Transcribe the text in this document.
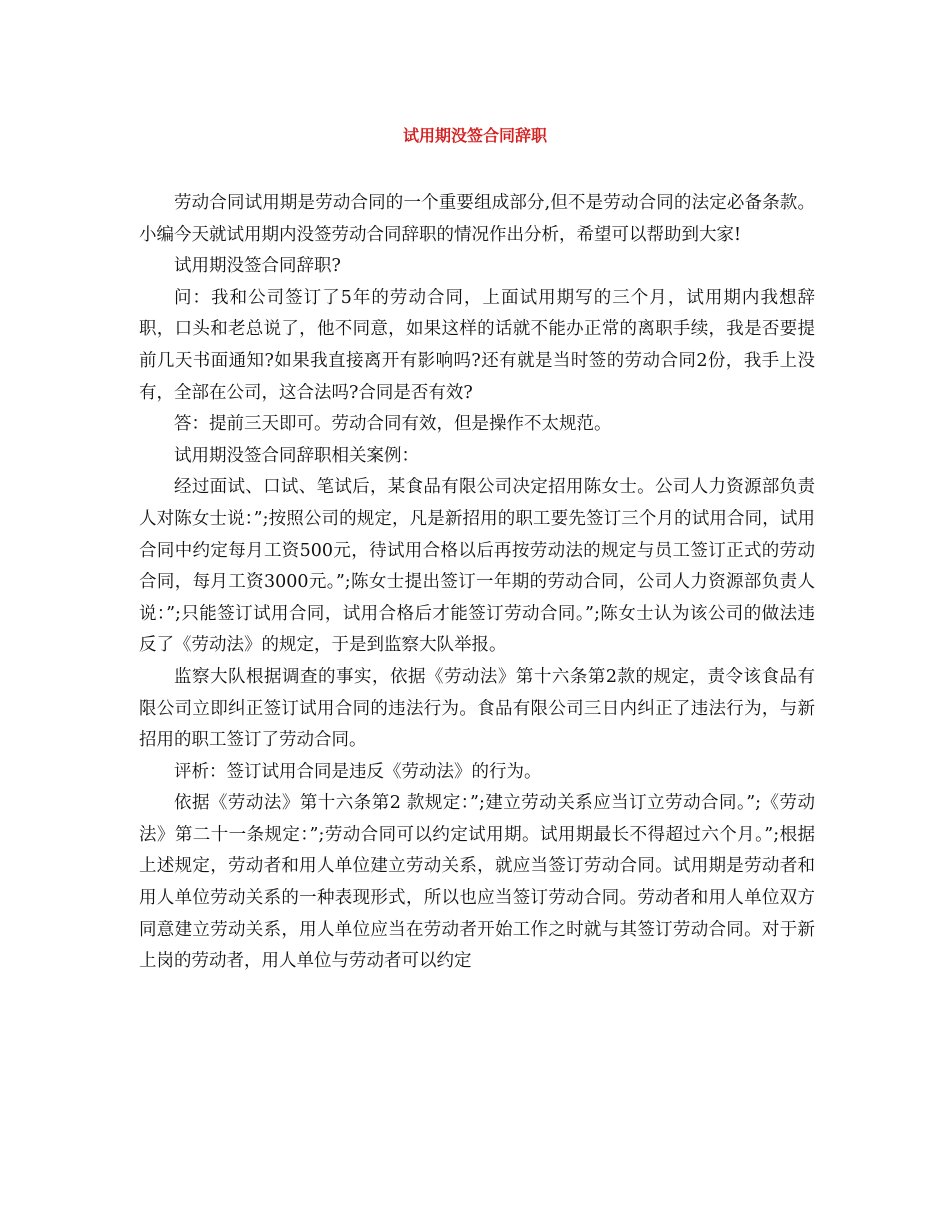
试用期没签合同辞职

劳动合同试用期是劳动合同的一个重要组成部分,但不是劳动合同的法定必备条款。小编今天就试用期内没签劳动合同辞职的情况作出分析，希望可以帮助到大家!

试用期没签合同辞职?

问：我和公司签订了5年的劳动合同，上面试用期写的三个月，试用期内我想辞职，口头和老总说了，他不同意，如果这样的话就不能办正常的离职手续，我是否要提前几天书面通知?如果我直接离开有影响吗?还有就是当时签的劳动合同2份，我手上没有，全部在公司，这合法吗?合同是否有效?

答：提前三天即可。劳动合同有效，但是操作不太规范。

试用期没签合同辞职相关案例：

经过面试、口试、笔试后，某食品有限公司决定招用陈女士。公司人力资源部负责人对陈女士说：”;按照公司的规定，凡是新招用的职工要先签订三个月的试用合同，试用合同中约定每月工资500元，待试用合格以后再按劳动法的规定与员工签订正式的劳动合同，每月工资3000元。”;陈女士提出签订一年期的劳动合同，公司人力资源部负责人说：”;只能签订试用合同，试用合格后才能签订劳动合同。”;陈女士认为该公司的做法违反了《劳动法》的规定，于是到监察大队举报。

监察大队根据调查的事实，依据《劳动法》第十六条第2款的规定，责令该食品有限公司立即纠正签订试用合同的违法行为。食品有限公司三日内纠正了违法行为，与新招用的职工签订了劳动合同。

评析：签订试用合同是违反《劳动法》的行为。

依据《劳动法》第十六条第2 款规定：”;建立劳动关系应当订立劳动合同。”;《劳动法》第二十一条规定：”;劳动合同可以约定试用期。试用期最长不得超过六个月。”;根据上述规定，劳动者和用人单位建立劳动关系，就应当签订劳动合同。试用期是劳动者和用人单位劳动关系的一种表现形式，所以也应当签订劳动合同。劳动者和用人单位双方同意建立劳动关系，用人单位应当在劳动者开始工作之时就与其签订劳动合同。对于新上岗的劳动者，用人单位与劳动者可以约定
